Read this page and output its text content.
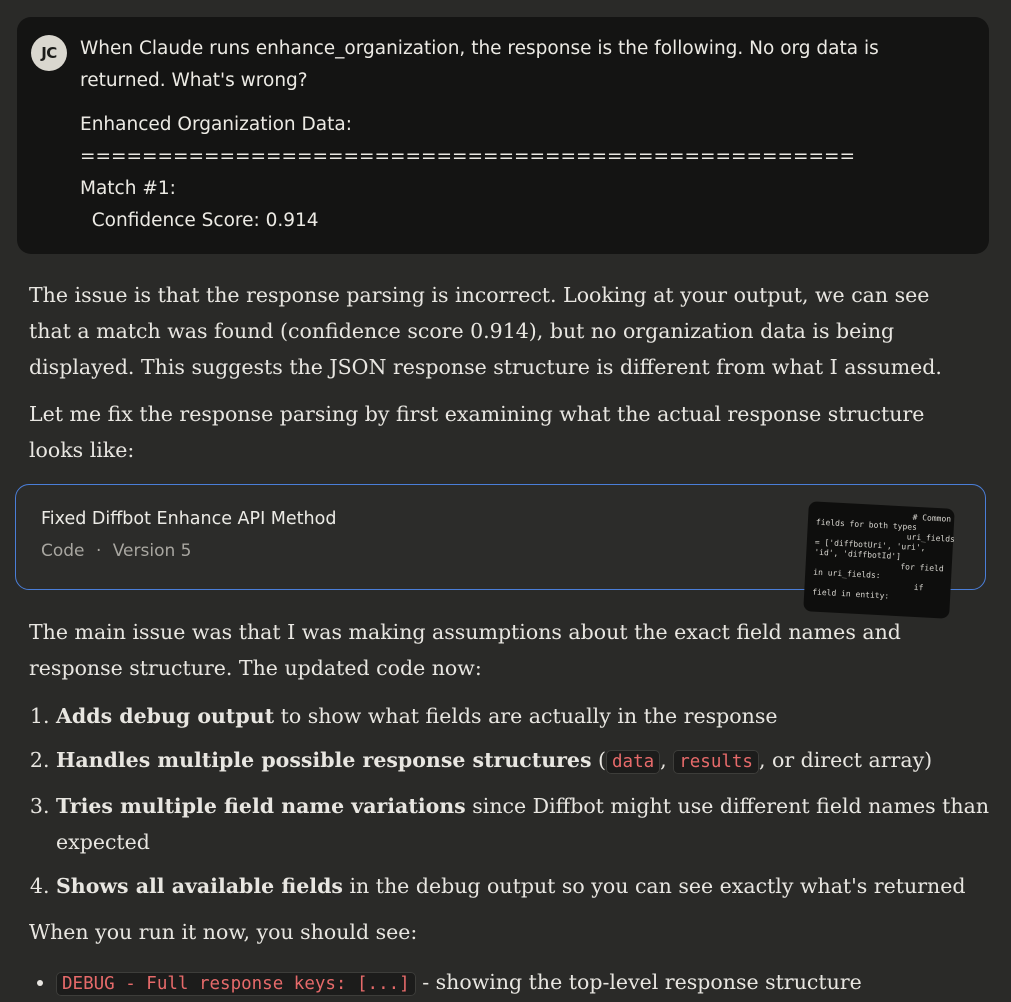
JC	When Claude runs enhance_organization, the response is the following. No org data is returned. What's wrong?

Enhanced Organization Data:

==================================================

Match #1:

Confidence Score: 0.914

The issue is that the response parsing is incorrect. Looking at your output, we can see that a match was found (confidence score 0.914), but no organization data is being displayed. This suggests the JSON response structure is different from what I assumed.

Let me fix the response parsing by first examining what the actual response structure looks like:

Fixed Diffbot Enhance API Method
Code · Version 5
# Common
fields for both types
uri_fields
= ['diffbotUri', 'uri',
'id', 'diffbotId']
for field
in uri_fields:
if
field in entity:

The main issue was that I was making assumptions about the exact field names and response structure. The updated code now:

1. Adds debug output to show what fields are actually in the response
2. Handles multiple possible response structures ( data , results , or direct array)
3. Tries multiple field name variations since Diffbot might use different field names than expected
4. Shows all available fields in the debug output so you can see exactly what's returned

When you run it now, you should see:

• DEBUG - Full response keys: [...] - showing the top-level response structure
